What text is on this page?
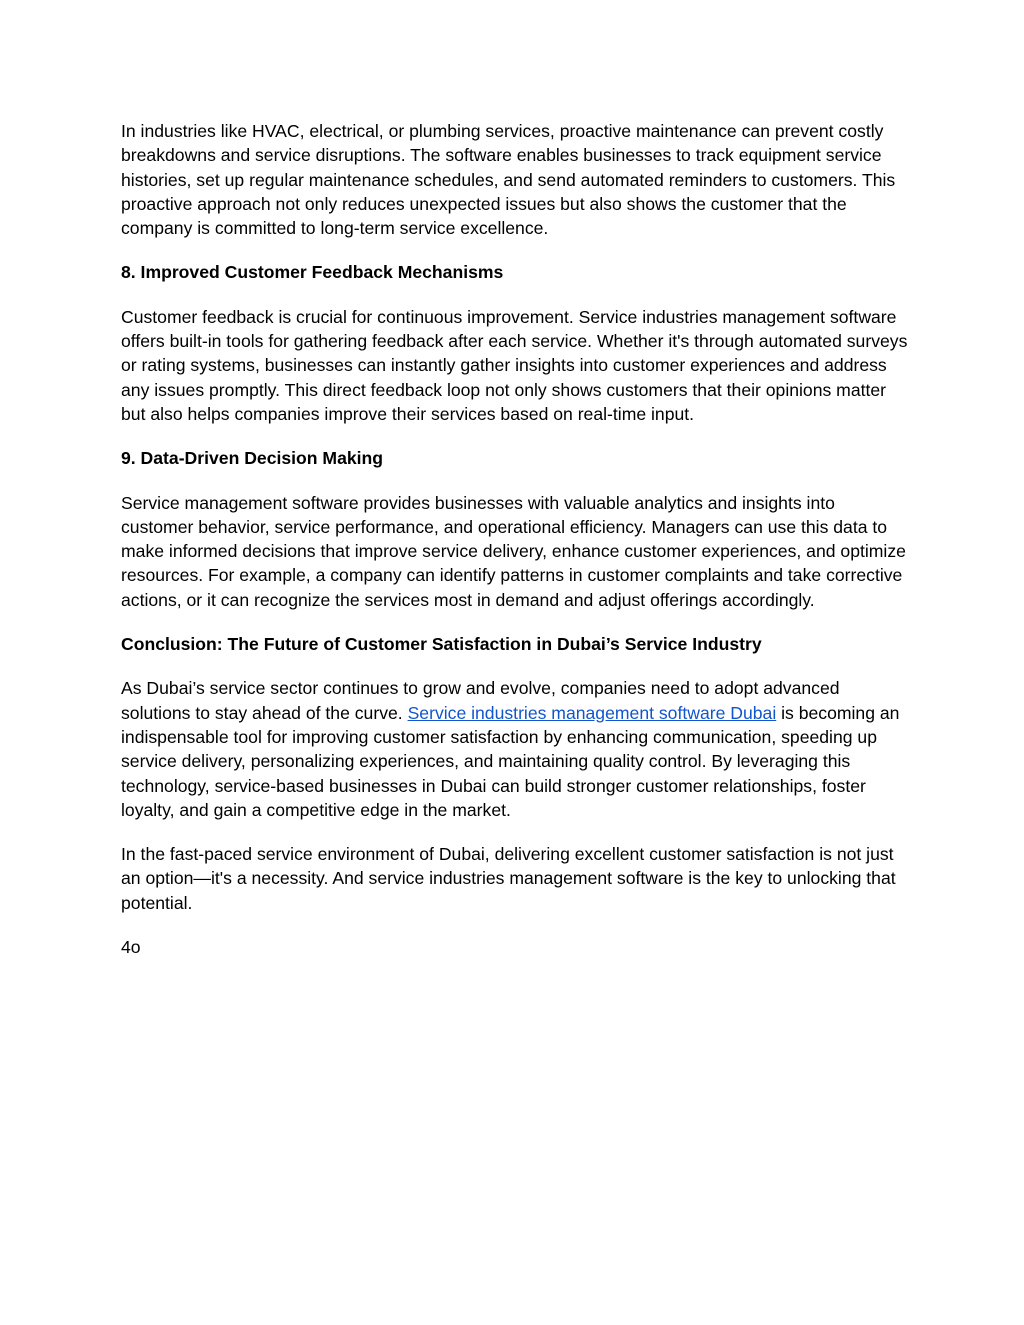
In industries like HVAC, electrical, or plumbing services, proactive maintenance can prevent costly breakdowns and service disruptions. The software enables businesses to track equipment service histories, set up regular maintenance schedules, and send automated reminders to customers. This proactive approach not only reduces unexpected issues but also shows the customer that the company is committed to long-term service excellence.

8. Improved Customer Feedback Mechanisms

Customer feedback is crucial for continuous improvement. Service industries management software offers built-in tools for gathering feedback after each service. Whether it's through automated surveys or rating systems, businesses can instantly gather insights into customer experiences and address any issues promptly. This direct feedback loop not only shows customers that their opinions matter but also helps companies improve their services based on real-time input.

9. Data-Driven Decision Making

Service management software provides businesses with valuable analytics and insights into customer behavior, service performance, and operational efficiency. Managers can use this data to make informed decisions that improve service delivery, enhance customer experiences, and optimize resources. For example, a company can identify patterns in customer complaints and take corrective actions, or it can recognize the services most in demand and adjust offerings accordingly.

Conclusion: The Future of Customer Satisfaction in Dubai’s Service Industry

As Dubai’s service sector continues to grow and evolve, companies need to adopt advanced solutions to stay ahead of the curve. Service industries management software Dubai is becoming an indispensable tool for improving customer satisfaction by enhancing communication, speeding up service delivery, personalizing experiences, and maintaining quality control. By leveraging this technology, service-based businesses in Dubai can build stronger customer relationships, foster loyalty, and gain a competitive edge in the market.

In the fast-paced service environment of Dubai, delivering excellent customer satisfaction is not just an option—it's a necessity. And service industries management software is the key to unlocking that potential.

4o
